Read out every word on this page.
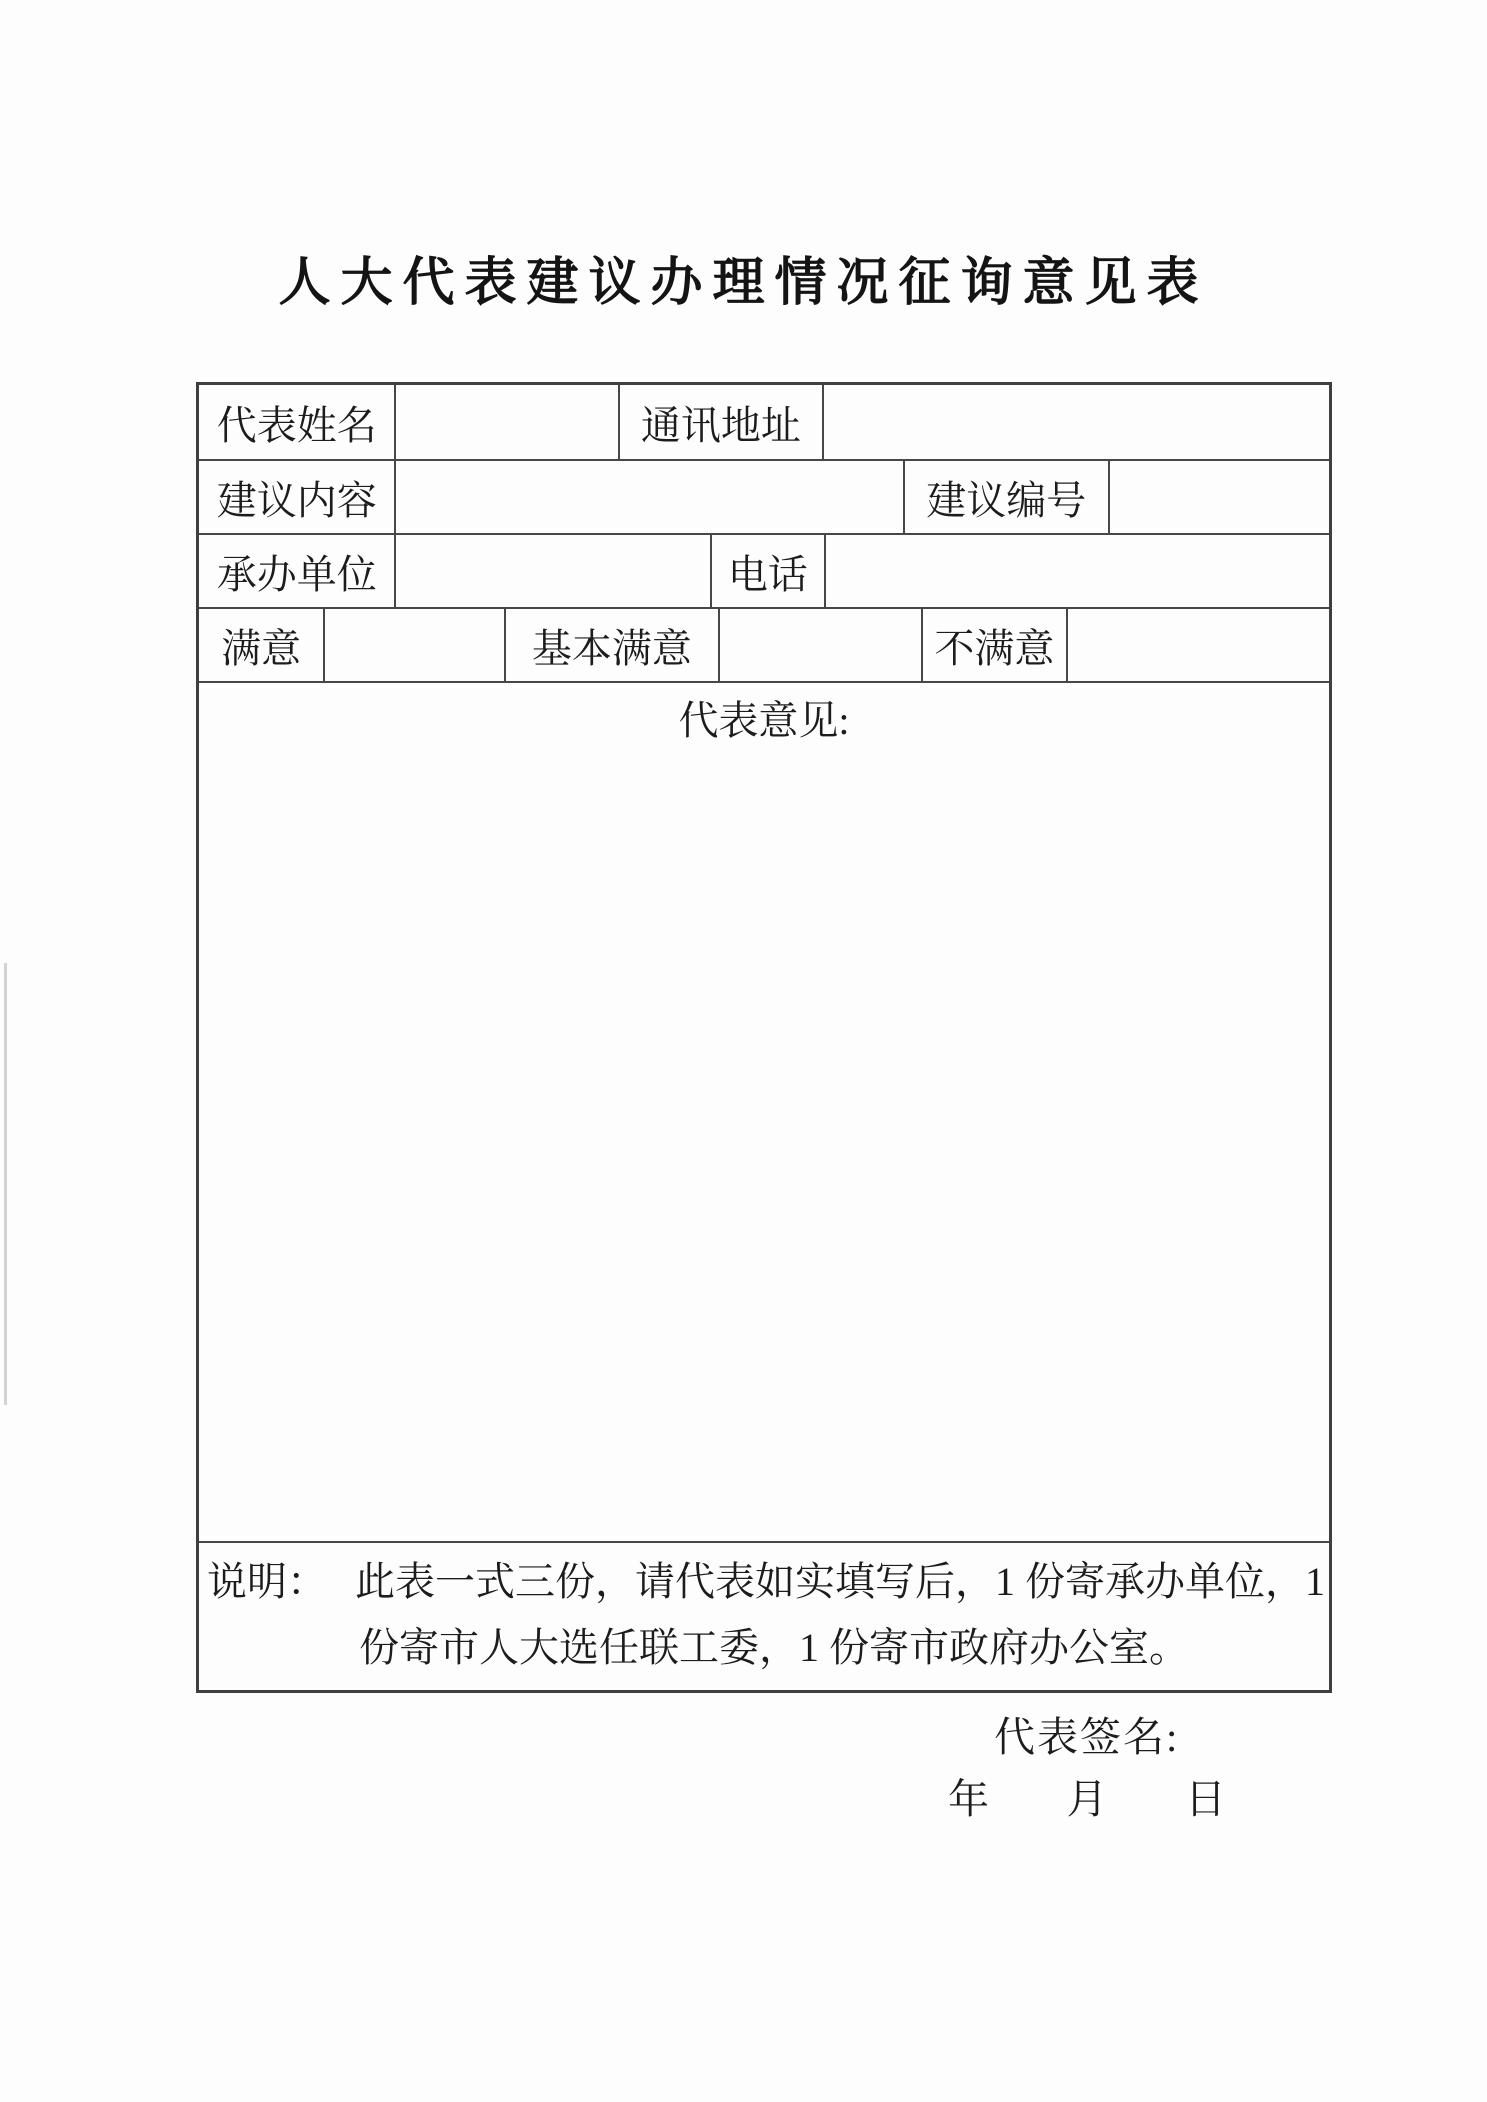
人大代表建议办理情况征询意见表
代表姓名	通讯地址
建议内容	建议编号
承办单位	电话
满意	基本满意	不满意
代表意见:
说明： 此表一式三份，请代表如实填写后，1 份寄承办单位，1
份寄市人大选任联工委，1 份寄市政府办公室。
代表签名:
年 月 日
